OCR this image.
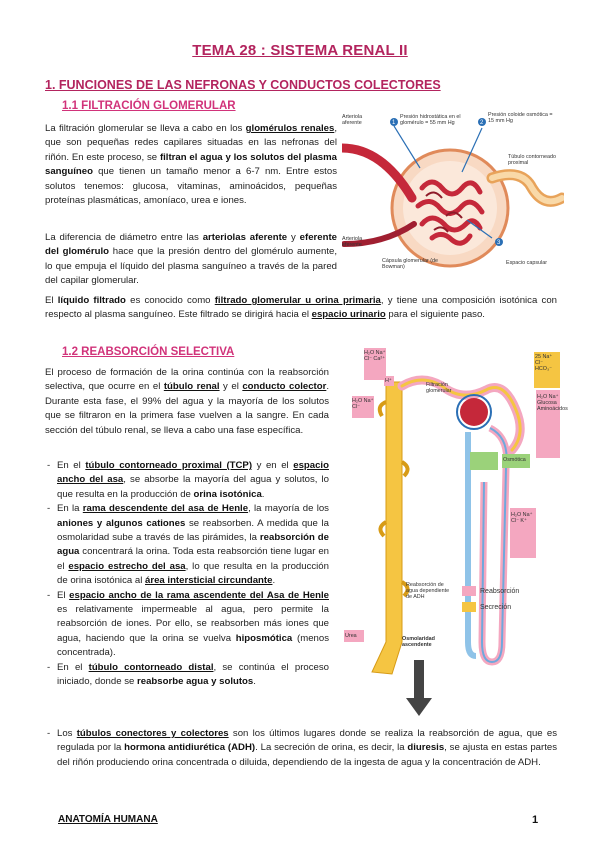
TEMA 28 : SISTEMA RENAL II
1. FUNCIONES DE LAS NEFRONAS Y CONDUCTOS COLECTORES
1.1 FILTRACIÓN GLOMERULAR
La filtración glomerular se lleva a cabo en los glomérulos renales, que son pequeñas redes capilares situadas en las nefronas del riñón. En este proceso, se filtran el agua y los solutos del plasma sanguíneo que tienen un tamaño menor a 6-7 nm. Entre estos solutos tenemos: glucosa, vitaminas, aminoácidos, pequeñas proteínas plasmáticas, amoníaco, urea e iones.
La diferencia de diámetro entre las arteriolas aferente y eferente del glomérulo hace que la presión dentro del glomérulo aumente, lo que empuja el líquido del plasma sanguíneo a través de la pared del capilar glomerular.
El líquido filtrado es conocido como filtrado glomerular u orina primaria, y tiene una composición isotónica con respecto al plasma sanguíneo. Este filtrado se dirigirá hacia el espacio urinario para el siguiente paso.
1	2
3
Arteriola aferente
Presión hidrostática en el glomérulo = 55 mm Hg
Presión coloide osmótica = 15 mm Hg
Túbulo contorneado proximal
Arteriola eferente
Cápsula glomerular (de Bowman)
Espacio capsular
1.2 REABSORCIÓN SELECTIVA
El proceso de formación de la orina continúa con la reabsorción selectiva, que ocurre en el túbulo renal y el conducto colector. Durante esta fase, el 99% del agua y la mayoría de los solutos que se filtraron en la primera fase vuelven a la sangre. En cada sección del túbulo renal, se lleva a cabo una fase específica.
- En el túbulo contorneado proximal (TCP) y en el espacio ancho del asa, se absorbe la mayoría del agua y solutos, lo que resulta en la producción de orina isotónica.
- En la rama descendente del asa de Henle, la mayoría de los aniones y algunos cationes se reabsorben. A medida que la osmolaridad sube a través de las pirámides, la reabsorción de agua concentrará la orina. Toda esta reabsorción tiene lugar en el espacio estrecho del asa, lo que resulta en la producción de orina isotónica al área intersticial circundante.
- El espacio ancho de la rama ascendente del Asa de Henle es relativamente impermeable al agua, pero permite la reabsorción de iones. Por ello, se reabsorben más iones que agua, haciendo que la orina se vuelva hiposmótica (menos concentrada).
- En el túbulo contorneado distal, se continúa el proceso iniciado, donde se reabsorbe agua y solutos.
- Los túbulos conectores y colectores son los últimos lugares donde se realiza la reabsorción de agua, que es regulada por la hormona antidiurética (ADH). La secreción de orina, es decir, la diuresis, se ajusta en estas partes del riñón produciendo orina concentrada o diluida, dependiendo de la ingesta de agua y la concentración de ADH.
H₂O Na⁺ Cl⁻ Ca²⁺
H₂O Na⁺ Cl⁻
H⁺
Urea
25 Na⁺ Cl⁻ HCO₃⁻
H₂O Na⁺ Glucosa Aminoácidos
Osmótica
H₂O Na⁺ Cl⁻ K⁺
Filtración glomerular
Reabsorción de agua dependiente de ADH
Osmolaridad ascendente
Reabsorción
Secreción
ANATOMÍA HUMANA	1
